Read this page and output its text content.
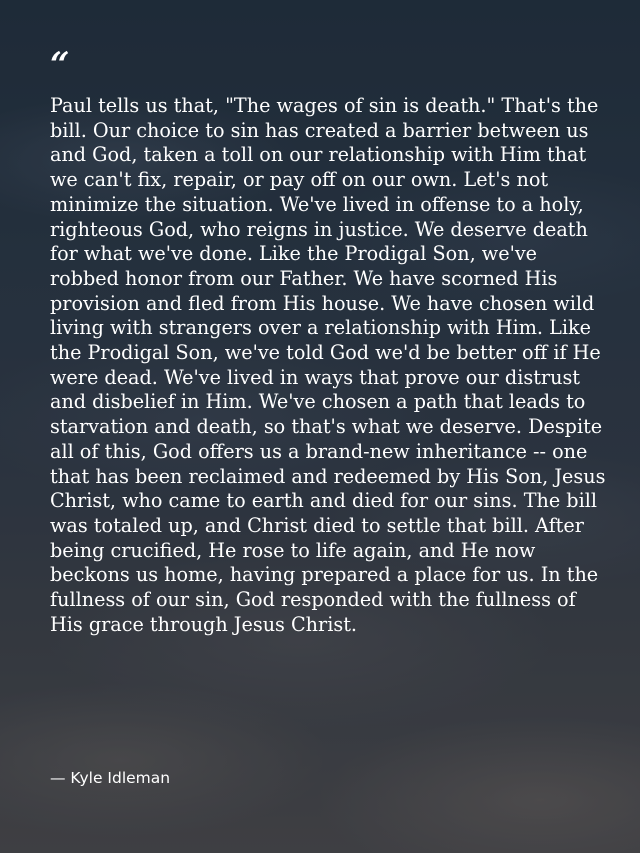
“

Paul tells us that, "The wages of sin is death." That's the bill. Our choice to sin has created a barrier between us and God, taken a toll on our relationship with Him that we can't fix, repair, or pay off on our own. Let's not minimize the situation. We've lived in offense to a holy, righteous God, who reigns in justice. We deserve death for what we've done. Like the Prodigal Son, we've robbed honor from our Father. We have scorned His provision and fled from His house. We have chosen wild living with strangers over a relationship with Him. Like the Prodigal Son, we've told God we'd be better off if He were dead. We've lived in ways that prove our distrust and disbelief in Him. We've chosen a path that leads to starvation and death, so that's what we deserve. Despite all of this, God offers us a brand-new inheritance -- one that has been reclaimed and redeemed by His Son, Jesus Christ, who came to earth and died for our sins. The bill was totaled up, and Christ died to settle that bill. After being crucified, He rose to life again, and He now beckons us home, having prepared a place for us. In the fullness of our sin, God responded with the fullness of His grace through Jesus Christ.

— Kyle Idleman
